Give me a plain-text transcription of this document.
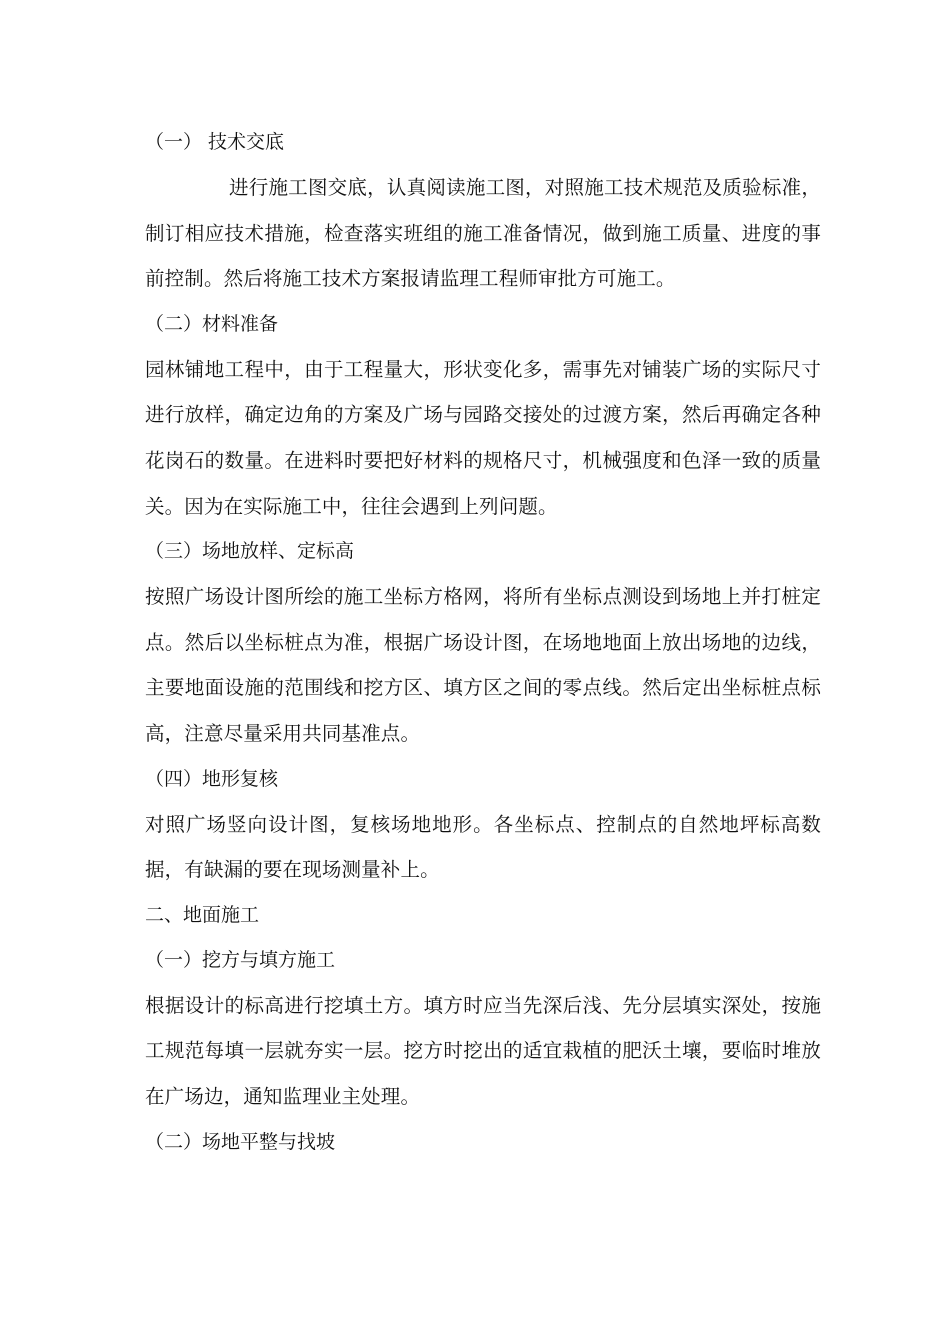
（一） 技术交底

进行施工图交底，认真阅读施工图，对照施工技术规范及质验标准，制订相应技术措施，检查落实班组的施工准备情况，做到施工质量、进度的事前控制。然后将施工技术方案报请监理工程师审批方可施工。

（二）材料准备

园林铺地工程中，由于工程量大，形状变化多，需事先对铺装广场的实际尺寸进行放样，确定边角的方案及广场与园路交接处的过渡方案，然后再确定各种花岗石的数量。在进料时要把好材料的规格尺寸，机械强度和色泽一致的质量关。因为在实际施工中，往往会遇到上列问题。

（三）场地放样、定标高

按照广场设计图所绘的施工坐标方格网，将所有坐标点测设到场地上并打桩定点。然后以坐标桩点为准，根据广场设计图，在场地地面上放出场地的边线，主要地面设施的范围线和挖方区、填方区之间的零点线。然后定出坐标桩点标高，注意尽量采用共同基准点。

（四）地形复核

对照广场竖向设计图，复核场地地形。各坐标点、控制点的自然地坪标高数据，有缺漏的要在现场测量补上。

二、地面施工

（一）挖方与填方施工

根据设计的标高进行挖填土方。填方时应当先深后浅、先分层填实深处，按施工规范每填一层就夯实一层。挖方时挖出的适宜栽植的肥沃土壤，要临时堆放在广场边，通知监理业主处理。

（二）场地平整与找坡
